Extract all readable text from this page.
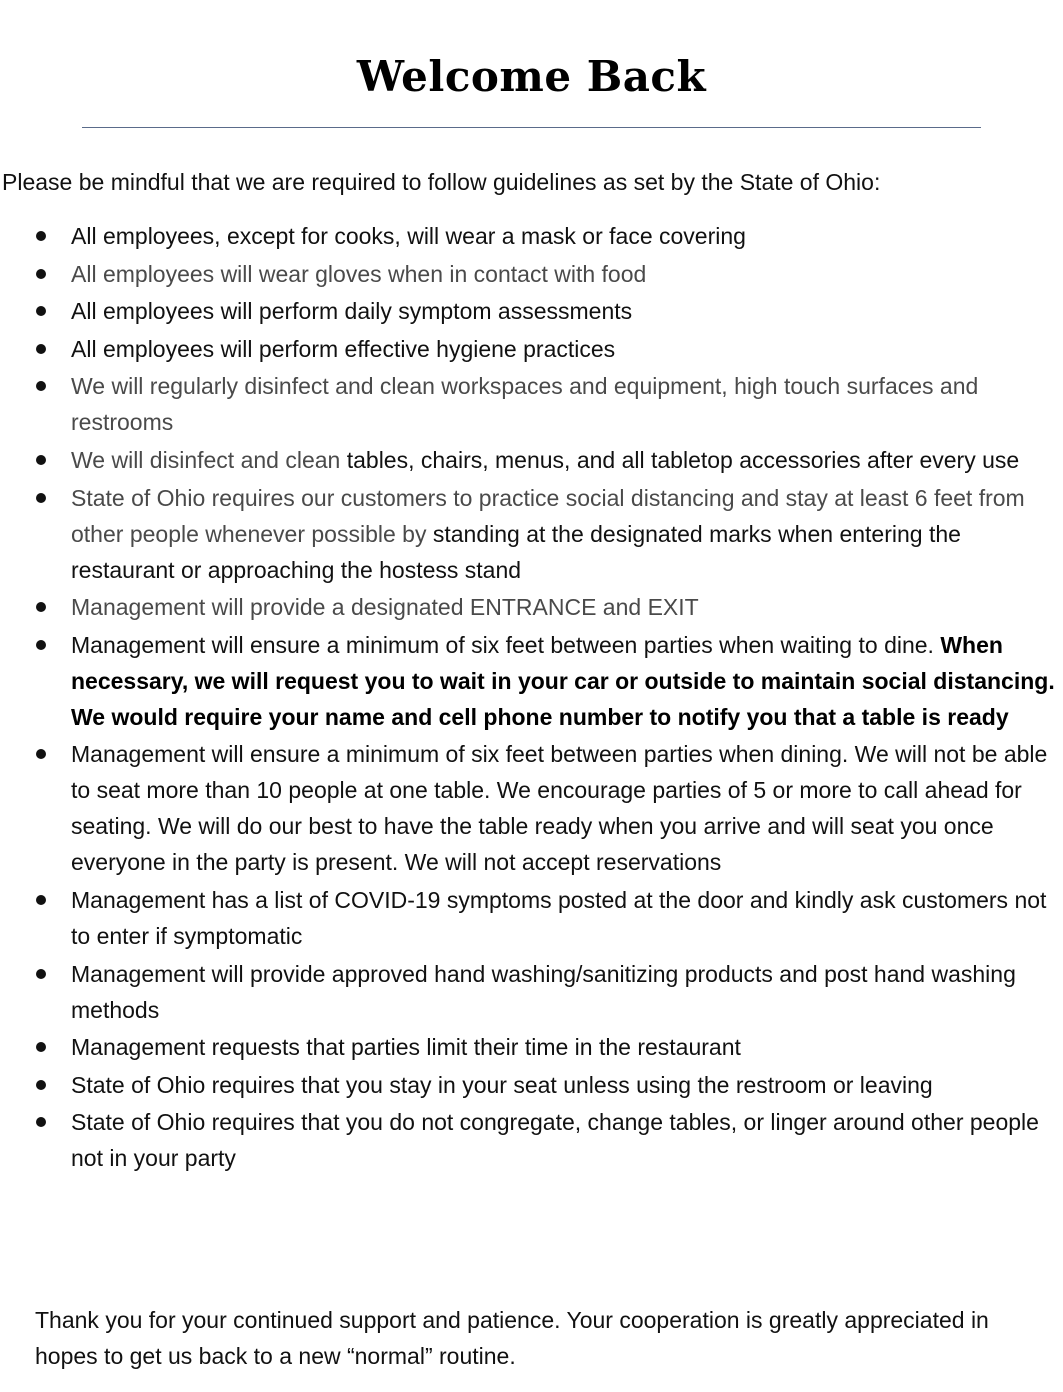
Welcome Back
Please be mindful that we are required to follow guidelines as set by the State of Ohio:
All employees, except for cooks, will wear a mask or face covering
All employees will wear gloves when in contact with food
All employees will perform daily symptom assessments
All employees will perform effective hygiene practices
We will regularly disinfect and clean workspaces and equipment, high touch surfaces and restrooms
We will disinfect and clean tables, chairs, menus, and all tabletop accessories after every use
State of Ohio requires our customers to practice social distancing and stay at least 6 feet from other people whenever possible by standing at the designated marks when entering the restaurant or approaching the hostess stand
Management will provide a designated ENTRANCE and EXIT
Management will ensure a minimum of six feet between parties when waiting to dine. When necessary, we will request you to wait in your car or outside to maintain social distancing. We would require your name and cell phone number to notify you that a table is ready
Management will ensure a minimum of six feet between parties when dining. We will not be able to seat more than 10 people at one table. We encourage parties of 5 or more to call ahead for seating. We will do our best to have the table ready when you arrive and will seat you once everyone in the party is present. We will not accept reservations
Management has a list of COVID-19 symptoms posted at the door and kindly ask customers not to enter if symptomatic
Management will provide approved hand washing/sanitizing products and post hand washing methods
Management requests that parties limit their time in the restaurant
State of Ohio requires that you stay in your seat unless using the restroom or leaving
State of Ohio requires that you do not congregate, change tables, or linger around other people not in your party
Thank you for your continued support and patience. Your cooperation is greatly appreciated in hopes to get us back to a new “normal” routine.
